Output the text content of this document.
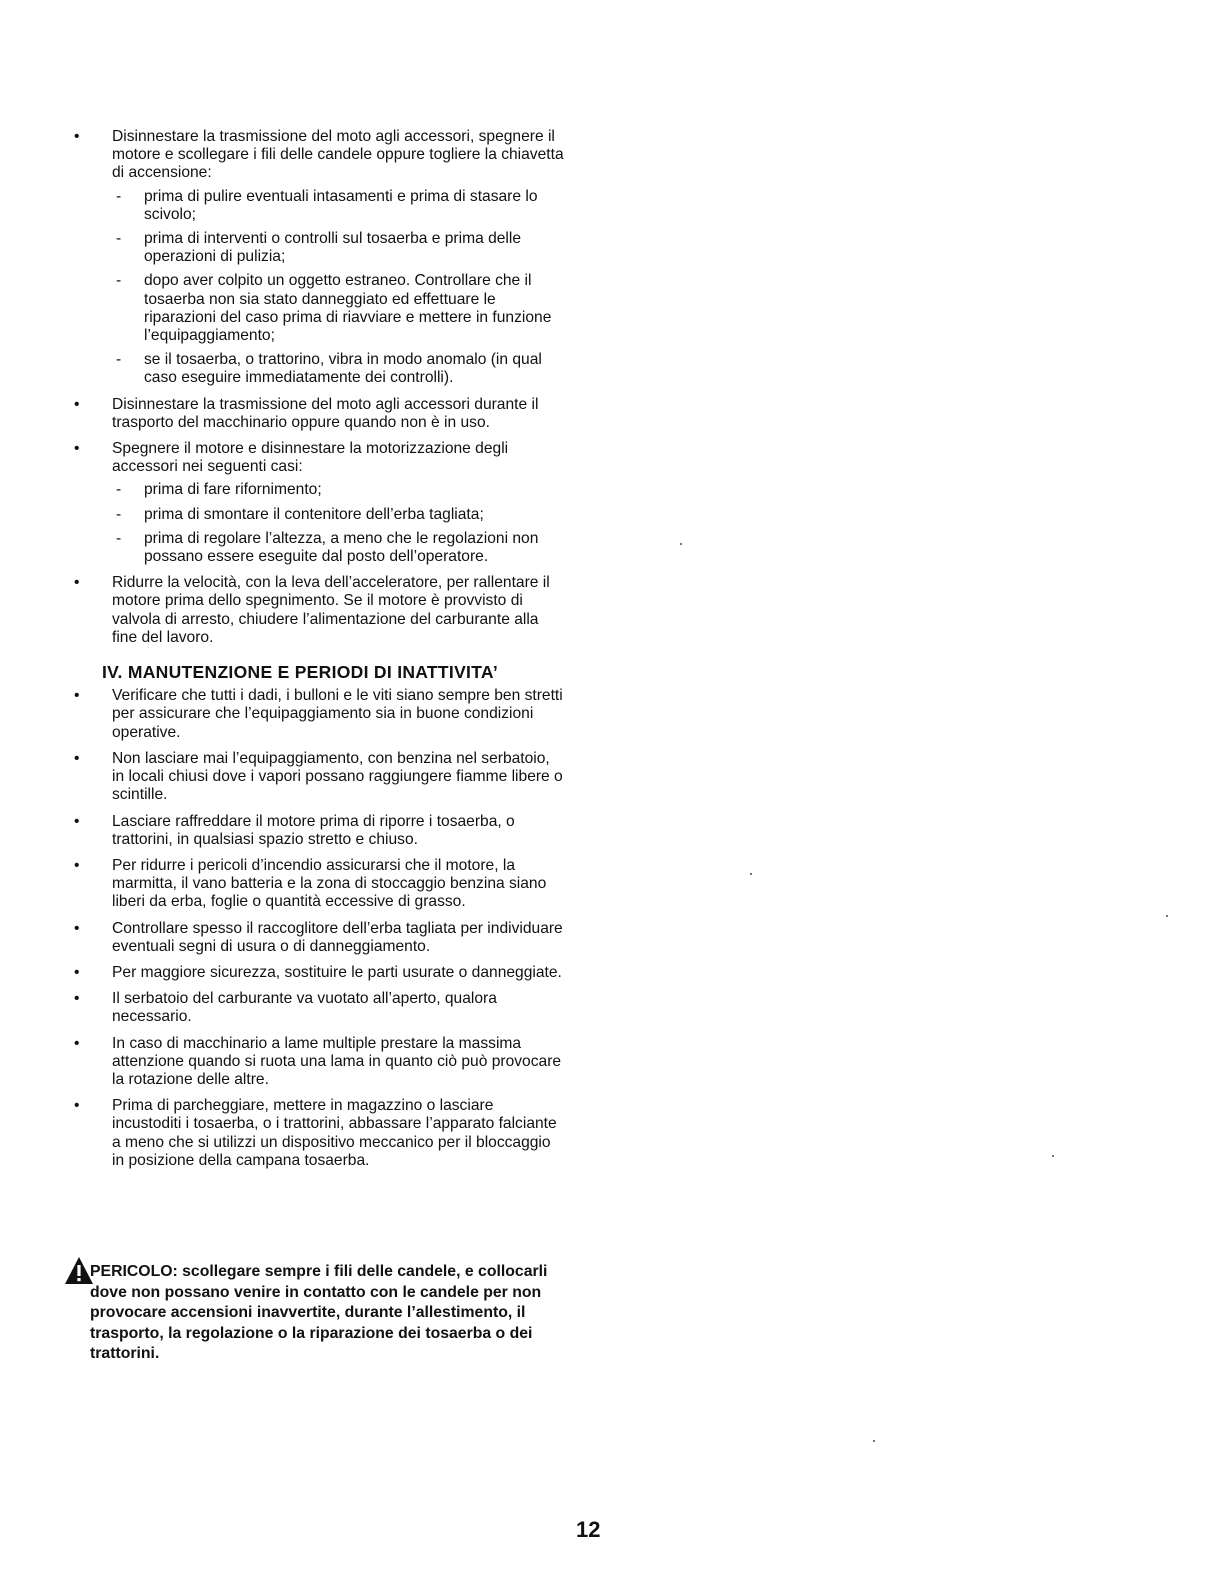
•	Disinnestare la trasmissione del moto agli accessori, spegnere il motore e scollegare i fili delle candele oppure togliere la chiavetta di accensione:
- prima di pulire eventuali intasamenti e prima di stasare lo scivolo;
- prima di interventi o controlli sul tosaerba e prima delle operazioni di pulizia;
- dopo aver colpito un oggetto estraneo. Controllare che il tosaerba non sia stato danneggiato ed effettuare le riparazioni del caso prima di riavviare e mettere in funzione l’equipaggiamento;
- se il tosaerba, o trattorino, vibra in modo anomalo (in qual caso eseguire immediatamente dei controlli).
•	Disinnestare la trasmissione del moto agli accessori durante il trasporto del macchinario oppure quando non è in uso.
•	Spegnere il motore e disinnestare la motorizzazione degli accessori nei seguenti casi:
- prima di fare rifornimento;
- prima di smontare il contenitore dell’erba tagliata;
- prima di regolare l’altezza, a meno che le regolazioni non possano essere eseguite dal posto dell’operatore.
•	Ridurre la velocità, con la leva dell’acceleratore, per rallentare il motore prima dello spegnimento. Se il motore è provvisto di valvola di arresto, chiudere l’alimentazione del carburante alla fine del lavoro.
IV. MANUTENZIONE E PERIODI DI INATTIVITA’
•	Verificare che tutti i dadi, i bulloni e le viti siano sempre ben stretti per assicurare che l’equipaggiamento sia in buone condizioni operative.
•	Non lasciare mai l’equipaggiamento, con benzina nel serbatoio, in locali chiusi dove i vapori possano raggiungere fiamme libere o scintille.
•	Lasciare raffreddare il motore prima di riporre i tosaerba, o trattorini, in qualsiasi spazio stretto e chiuso.
•	Per ridurre i pericoli d’incendio assicurarsi che il motore, la marmitta, il vano batteria e la zona di stoccaggio benzina siano liberi da erba, foglie o quantità eccessive di grasso.
•	Controllare spesso il raccoglitore dell’erba tagliata per individuare eventuali segni di usura o di danneggiamento.
•	Per maggiore sicurezza, sostituire le parti usurate o danneggiate.
•	Il serbatoio del carburante va vuotato all’aperto, qualora necessario.
•	In caso di macchinario a lame multiple prestare la massima attenzione quando si ruota una lama in quanto ciò può provocare la rotazione delle altre.
•	Prima di parcheggiare, mettere in magazzino o lasciare incustoditi i tosaerba, o i trattorini, abbassare l’apparato falciante a meno che si utilizzi un dispositivo meccanico per il bloccaggio in posizione della campana tosaerba.
PERICOLO: scollegare sempre i fili delle candele, e collocarli dove non possano venire in contatto con le candele per non provocare accensioni inavvertite, durante l’allestimento, il trasporto, la regolazione o la riparazione dei tosaerba o dei trattorini.
12
